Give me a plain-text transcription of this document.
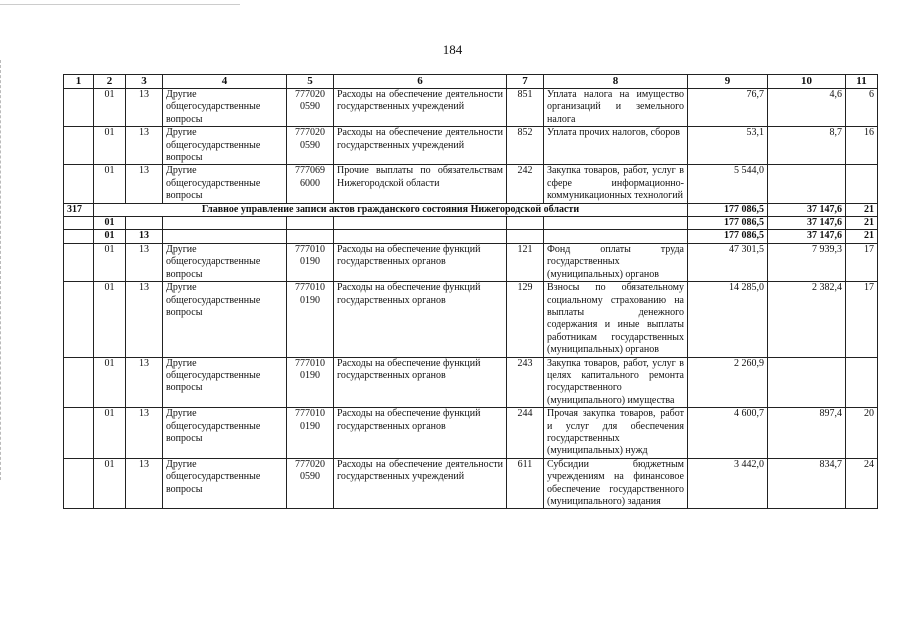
184
1	2	3	4	5	6	7	8	9	10	11
	01	13	Другие общегосударственные вопросы	777020 0590	Расходы на обеспечение деятельности государственных учреждений	851	Уплата налога на имущество организаций и земельного налога	76,7	4,6	6
	01	13	Другие общегосударственные вопросы	777020 0590	Расходы на обеспечение деятельности государственных учреждений	852	Уплата прочих налогов, сборов	53,1	8,7	16
	01	13	Другие общегосударственные вопросы	777069 6000	Прочие выплаты по обязательствам Нижегородской области	242	Закупка товаров, работ, услуг в сфере информационно-коммуникационных технологий	5 544,0		
317	Главное управление записи актов гражданского состояния Нижегородской области							177 086,5	37 147,6	21
	01							177 086,5	37 147,6	21
	01	13						177 086,5	37 147,6	21
	01	13	Другие общегосударственные вопросы	777010 0190	Расходы на обеспечение функций государственных органов	121	Фонд оплаты труда государственных (муниципальных) органов	47 301,5	7 939,3	17
	01	13	Другие общегосударственные вопросы	777010 0190	Расходы на обеспечение функций государственных органов	129	Взносы по обязательному социальному страхованию на выплаты денежного содержания и иные выплаты работникам государственных (муниципальных) органов	14 285,0	2 382,4	17
	01	13	Другие общегосударственные вопросы	777010 0190	Расходы на обеспечение функций государственных органов	243	Закупка товаров, работ, услуг в целях капитального ремонта государственного (муниципального) имущества	2 260,9		
	01	13	Другие общегосударственные вопросы	777010 0190	Расходы на обеспечение функций государственных органов	244	Прочая закупка товаров, работ и услуг для обеспечения государственных (муниципальных) нужд	4 600,7	897,4	20
	01	13	Другие общегосударственные вопросы	777020 0590	Расходы на обеспечение деятельности государственных учреждений	611	Субсидии бюджетным учреждениям на финансовое обеспечение государственного (муниципального) задания	3 442,0	834,7	24
